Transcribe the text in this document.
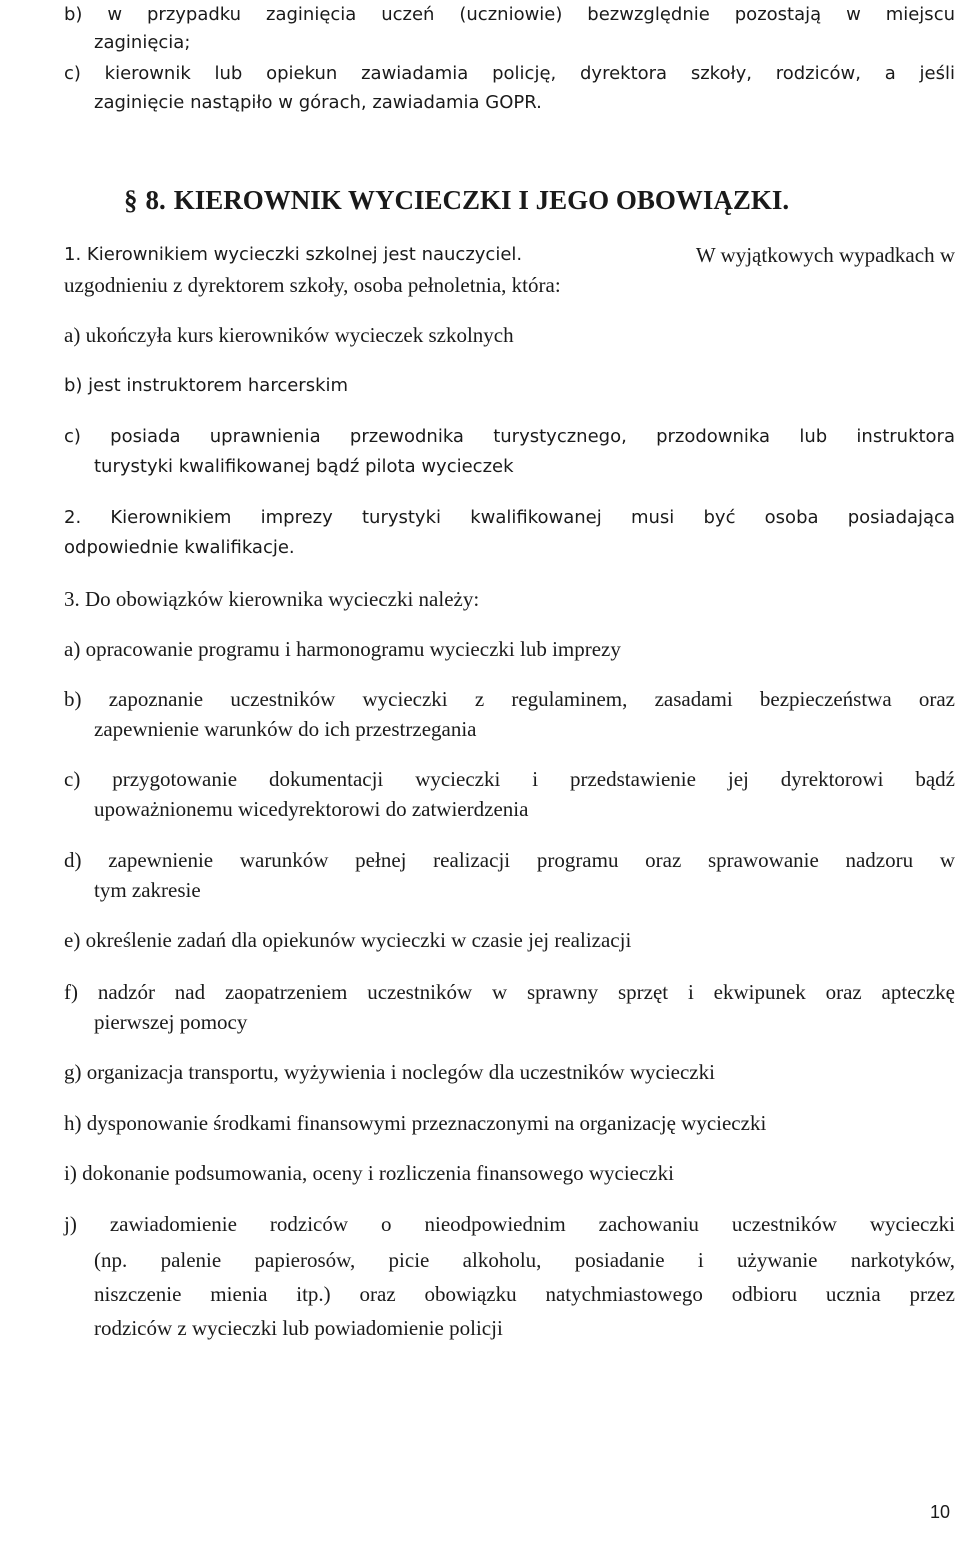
b) w przypadku zaginięcia uczeń (uczniowie) bezwzględnie pozostają w miejscu
zaginięcia;
c) kierownik lub opiekun zawiadamia policję, dyrektora szkoły, rodziców, a jeśli
zaginięcie nastąpiło w górach, zawiadamia GOPR.
§ 8. KIEROWNIK WYCIECZKI I JEGO OBOWIĄZKI.
1. Kierownikiem wycieczki szkolnej jest nauczyciel.	W wyjątkowych wypadkach w
uzgodnieniu z dyrektorem szkoły, osoba pełnoletnia, która:
a) ukończyła kurs kierowników wycieczek szkolnych
b) jest instruktorem harcerskim
c) posiada uprawnienia przewodnika turystycznego, przodownika lub instruktora
turystyki kwalifikowanej bądź pilota wycieczek
2. Kierownikiem imprezy turystyki kwalifikowanej musi być osoba posiadająca
odpowiednie kwalifikacje.
3. Do obowiązków kierownika wycieczki należy:
a) opracowanie programu i harmonogramu wycieczki lub imprezy
b) zapoznanie uczestników wycieczki z regulaminem, zasadami bezpieczeństwa oraz
zapewnienie warunków do ich przestrzegania
c) przygotowanie dokumentacji wycieczki i przedstawienie jej dyrektorowi bądź
upoważnionemu wicedyrektorowi do zatwierdzenia
d) zapewnienie warunków pełnej realizacji programu oraz sprawowanie nadzoru w
tym zakresie
e) określenie zadań dla opiekunów wycieczki w czasie jej realizacji
f) nadzór nad zaopatrzeniem uczestników w sprawny sprzęt i ekwipunek oraz apteczkę
pierwszej pomocy
g) organizacja transportu, wyżywienia i noclegów dla uczestników wycieczki
h) dysponowanie środkami finansowymi przeznaczonymi na organizację wycieczki
i) dokonanie podsumowania, oceny i rozliczenia finansowego wycieczki
j) zawiadomienie rodziców o nieodpowiednim zachowaniu uczestników wycieczki
(np. palenie papierosów, picie alkoholu, posiadanie i używanie narkotyków,
niszczenie mienia itp.) oraz obowiązku natychmiastowego odbioru ucznia przez
rodziców z wycieczki lub powiadomienie policji
10
